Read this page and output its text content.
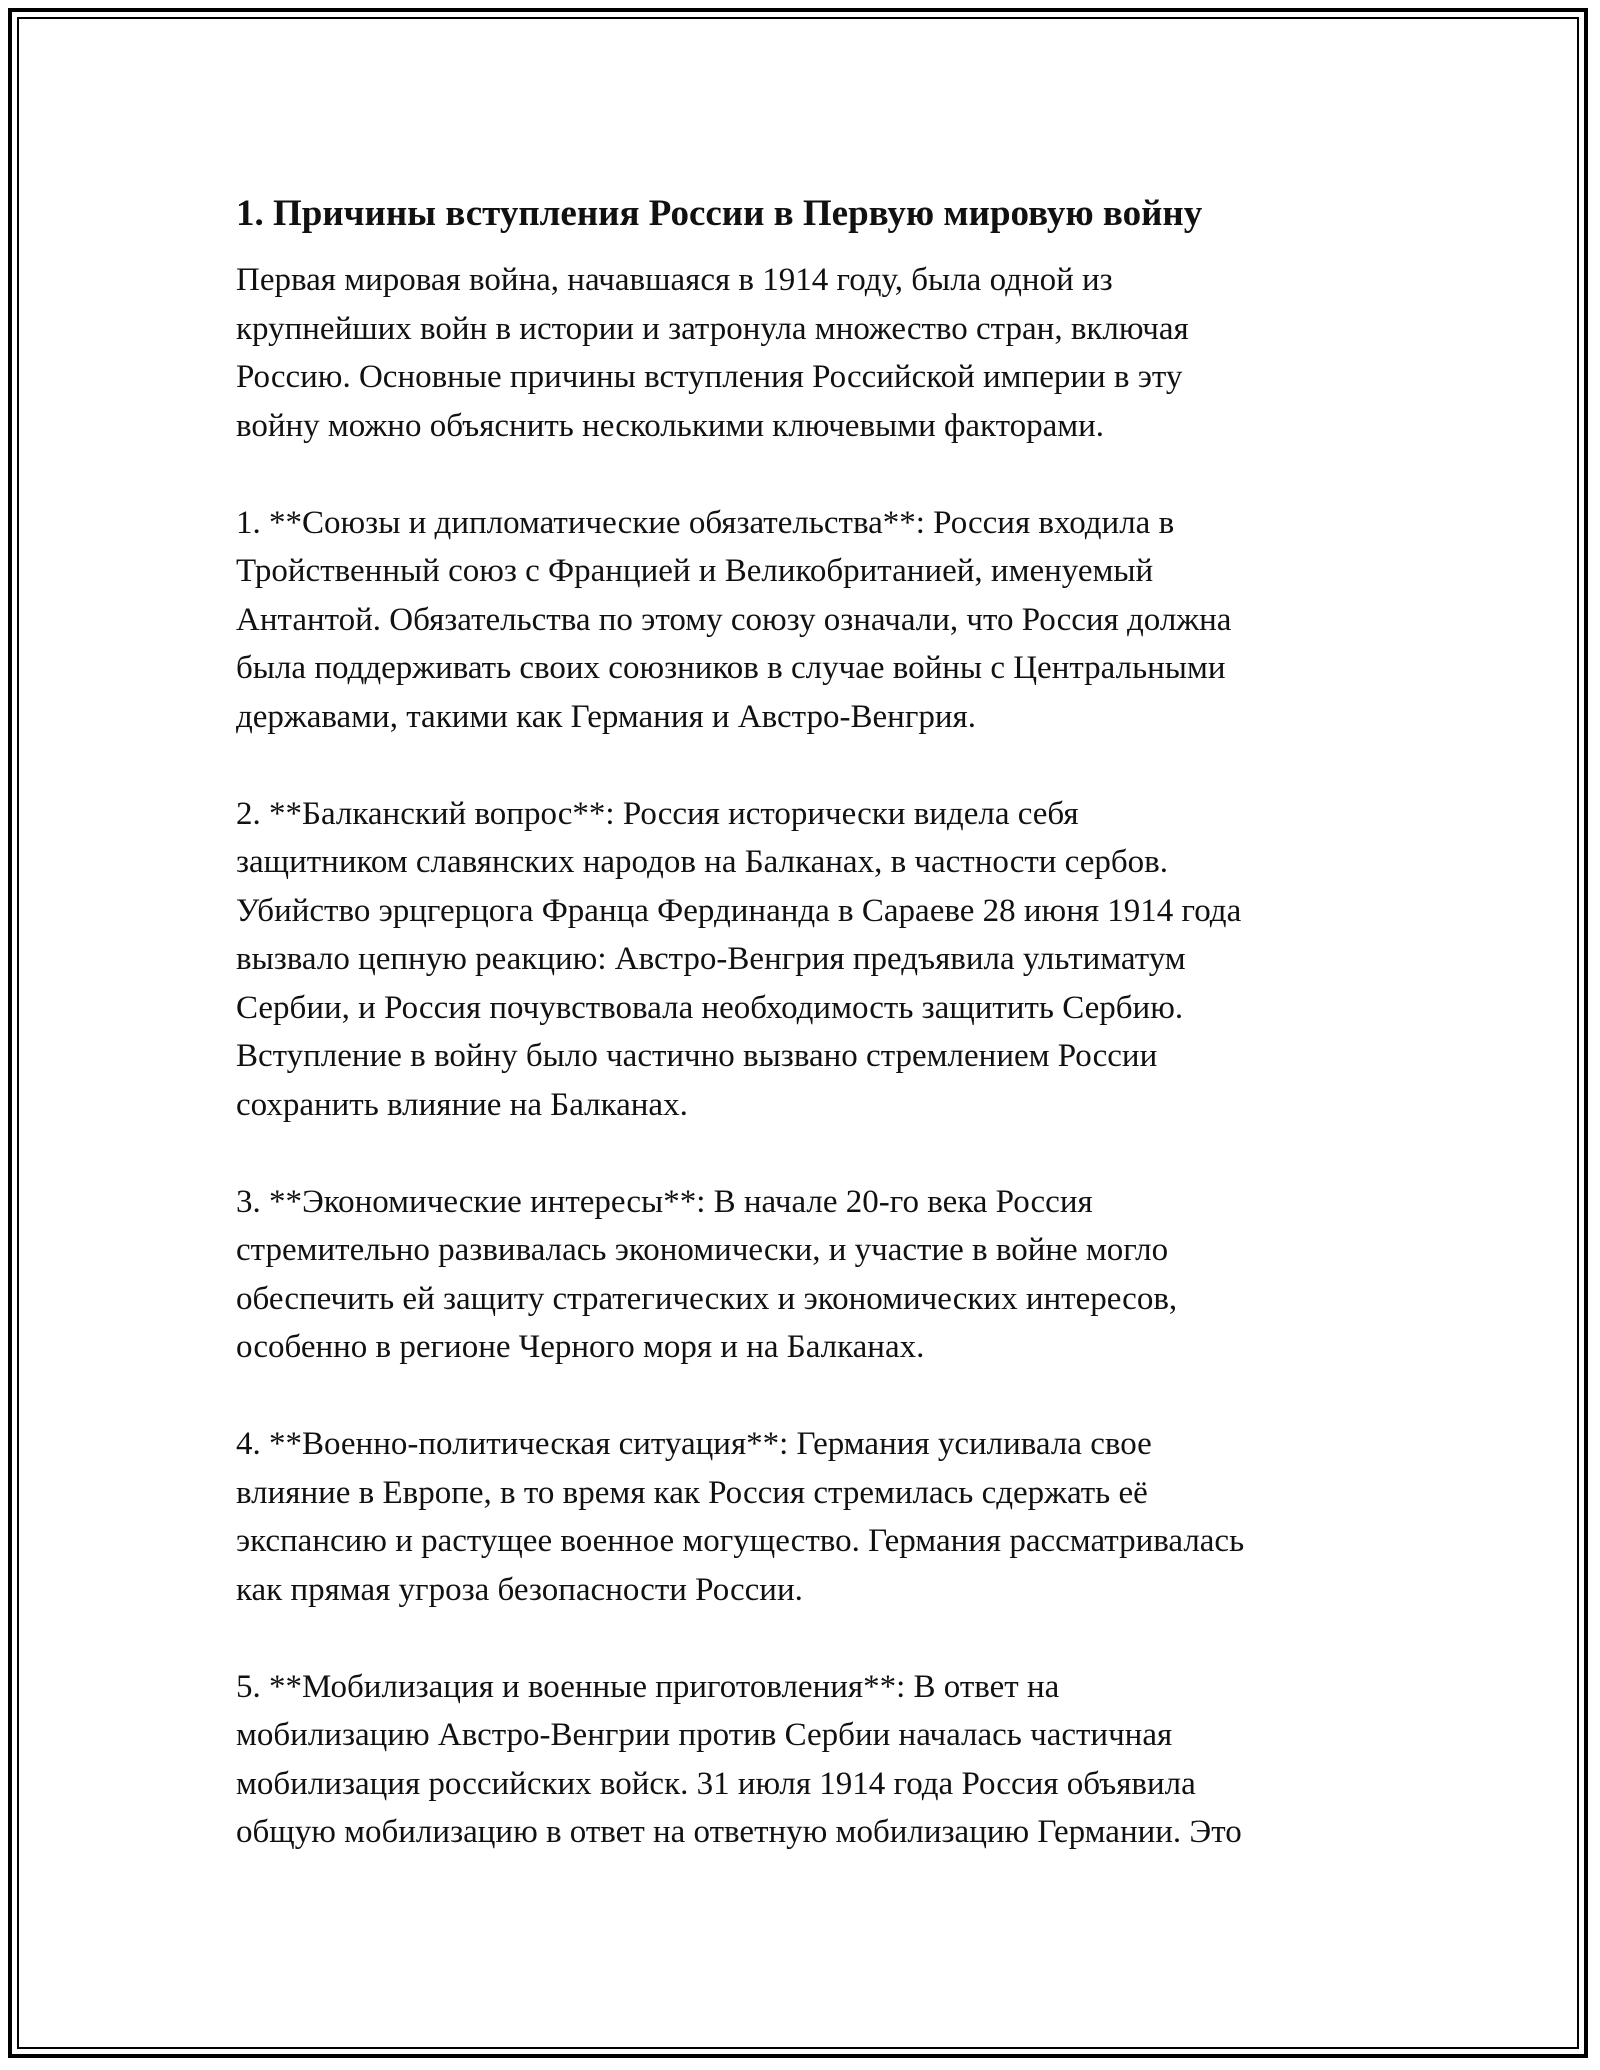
1. Причины вступления России в Первую мировую войну

Первая мировая война, начавшаяся в 1914 году, была одной из
крупнейших войн в истории и затронула множество стран, включая
Россию. Основные причины вступления Российской империи в эту
войну можно объяснить несколькими ключевыми факторами.

1. **Союзы и дипломатические обязательства**: Россия входила в
Тройственный союз с Францией и Великобританией, именуемый
Антантой. Обязательства по этому союзу означали, что Россия должна
была поддерживать своих союзников в случае войны с Центральными
державами, такими как Германия и Австро-Венгрия.

2. **Балканский вопрос**: Россия исторически видела себя
защитником славянских народов на Балканах, в частности сербов.
Убийство эрцгерцога Франца Фердинанда в Сараеве 28 июня 1914 года
вызвало цепную реакцию: Австро-Венгрия предъявила ультиматум
Сербии, и Россия почувствовала необходимость защитить Сербию.
Вступление в войну было частично вызвано стремлением России
сохранить влияние на Балканах.

3. **Экономические интересы**: В начале 20-го века Россия
стремительно развивалась экономически, и участие в войне могло
обеспечить ей защиту стратегических и экономических интересов,
особенно в регионе Черного моря и на Балканах.

4. **Военно-политическая ситуация**: Германия усиливала свое
влияние в Европе, в то время как Россия стремилась сдержать её
экспансию и растущее военное могущество. Германия рассматривалась
как прямая угроза безопасности России.

5. **Мобилизация и военные приготовления**: В ответ на
мобилизацию Австро-Венгрии против Сербии началась частичная
мобилизация российских войск. 31 июля 1914 года Россия объявила
общую мобилизацию в ответ на ответную мобилизацию Германии. Это
